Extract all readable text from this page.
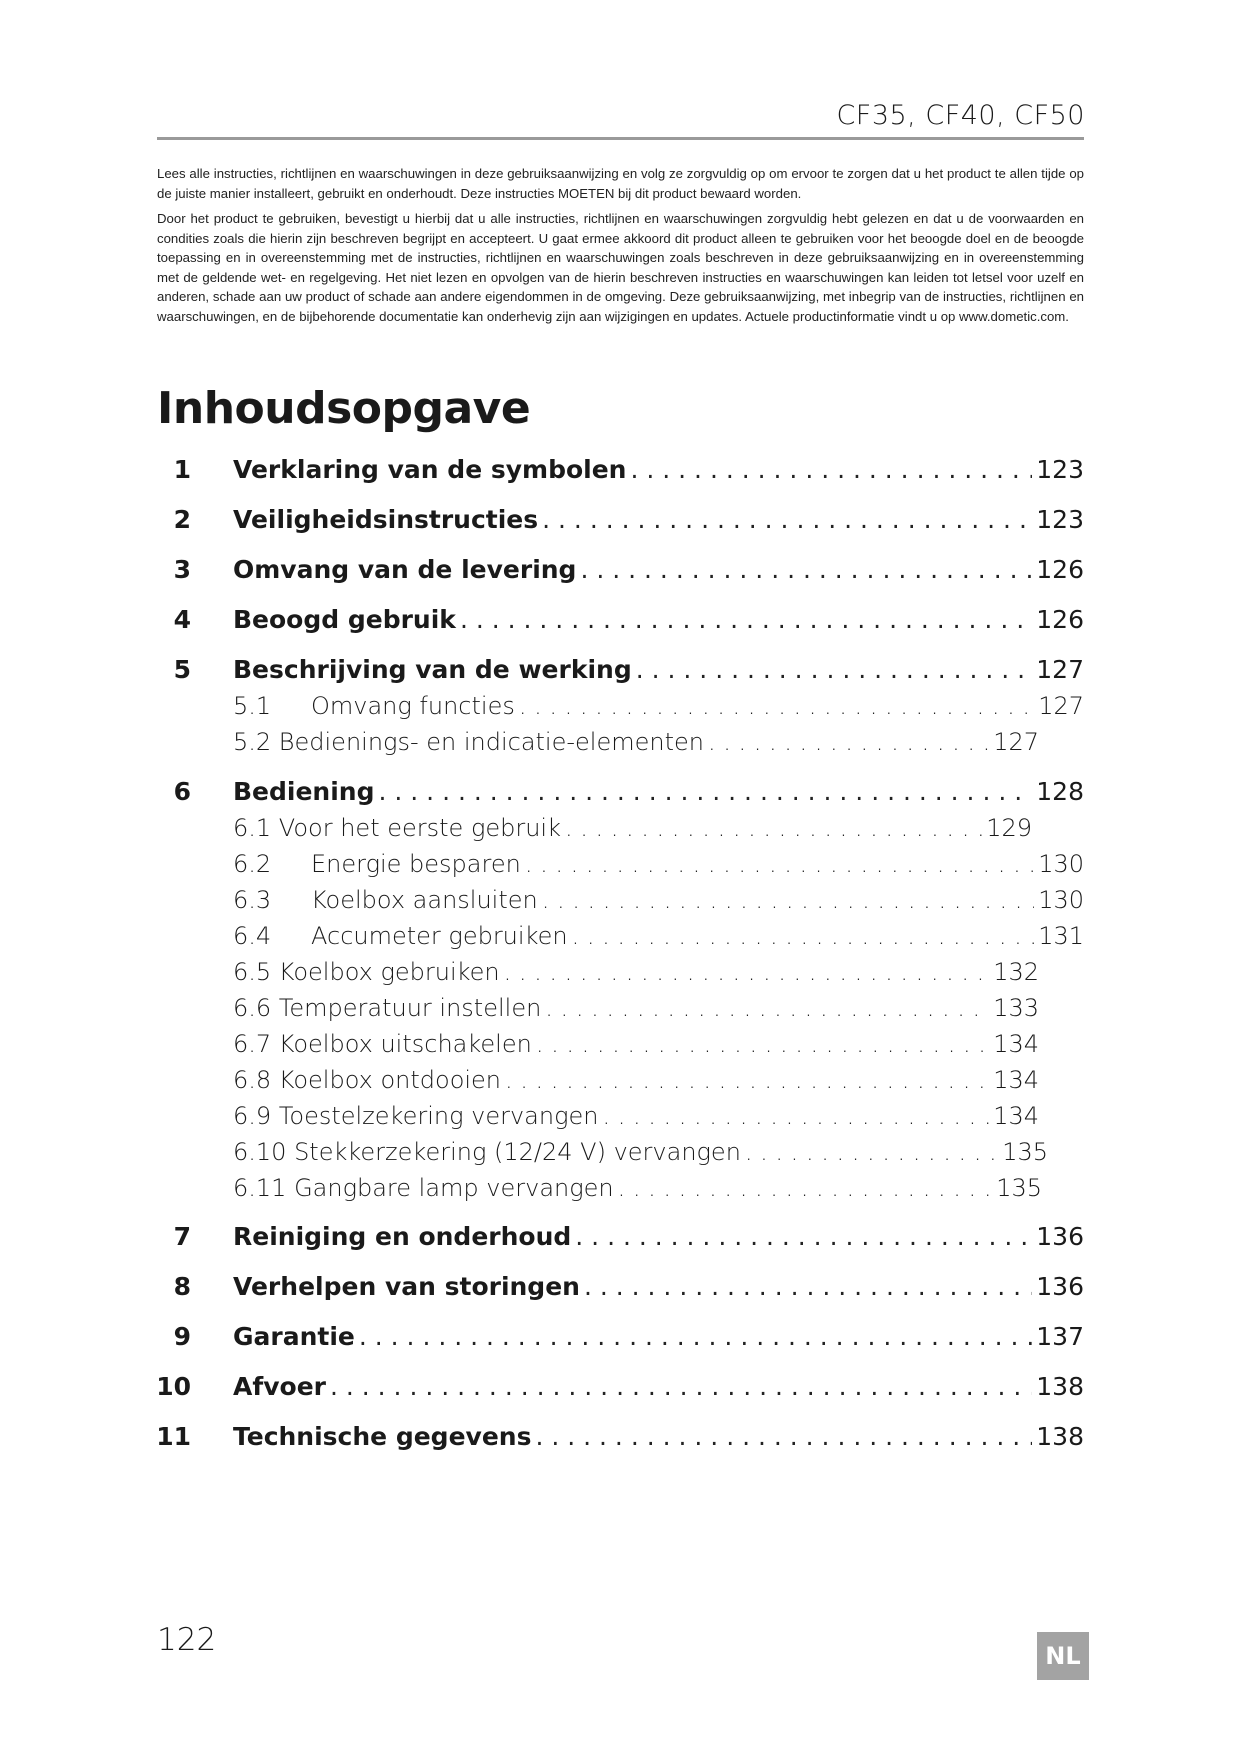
CF35, CF40, CF50

Lees alle instructies, richtlijnen en waarschuwingen in deze gebruiksaanwijzing en volg ze zorgvuldig op om ervoor te zorgen dat u het product te allen tijde op de juiste manier installeert, gebruikt en onderhoudt. Deze instructies MOETEN bij dit product bewaard worden.

Door het product te gebruiken, bevestigt u hierbij dat u alle instructies, richtlijnen en waarschuwingen zorgvuldig hebt gelezen en dat u de voorwaarden en condities zoals die hierin zijn beschreven begrijpt en accepteert. U gaat ermee akkoord dit product alleen te gebruiken voor het beoogde doel en de beoogde toepassing en in overeenstemming met de instructies, richtlijnen en waarschuwingen zoals beschreven in deze gebruiksaanwijzing en in overeenstemming met de geldende wet- en regelgeving. Het niet lezen en opvolgen van de hierin beschreven instructies en waarschuwingen kan leiden tot letsel voor uzelf en anderen, schade aan uw product of schade aan andere eigendommen in de omgeving. Deze gebruiksaanwijzing, met inbegrip van de instructies, richtlijnen en waarschuwingen, en de bijbehorende documentatie kan onderhevig zijn aan wijzigingen en updates. Actuele productinformatie vindt u op www.dometic.com.

Inhoudsopgave
1 Verklaring van de symbolen . . .	123
2 Veiligheidsinstructies . . .	123
3 Omvang van de levering . . .	126
4 Beoogd gebruik . . .	126
5 Beschrijving van de werking . . .	127
5.1	Omvang functies . . .	127
5.2 Bedienings- en indicatie-elementen . . .	127
6 Bediening . . .	128
6.1 Voor het eerste gebruik . . .	129
6.2	Energie besparen . . .	130
6.3	Koelbox aansluiten . . .	130
6.4	Accumeter gebruiken . . .	131
6.5 Koelbox gebruiken . . .	132
6.6 Temperatuur instellen . . .	133
6.7 Koelbox uitschakelen . . .	134
6.8 Koelbox ontdooien . . .	134
6.9 Toestelzekering vervangen . . .	134
6.10 Stekkerzekering (12/24 V) vervangen . . .	135
6.11 Gangbare lamp vervangen . . .	135
7 Reiniging en onderhoud . . .	136
8 Verhelpen van storingen . . .	136
9 Garantie . . .	137
10 Afvoer . . .	138
11 Technische gegevens . . .	138
122	NL
